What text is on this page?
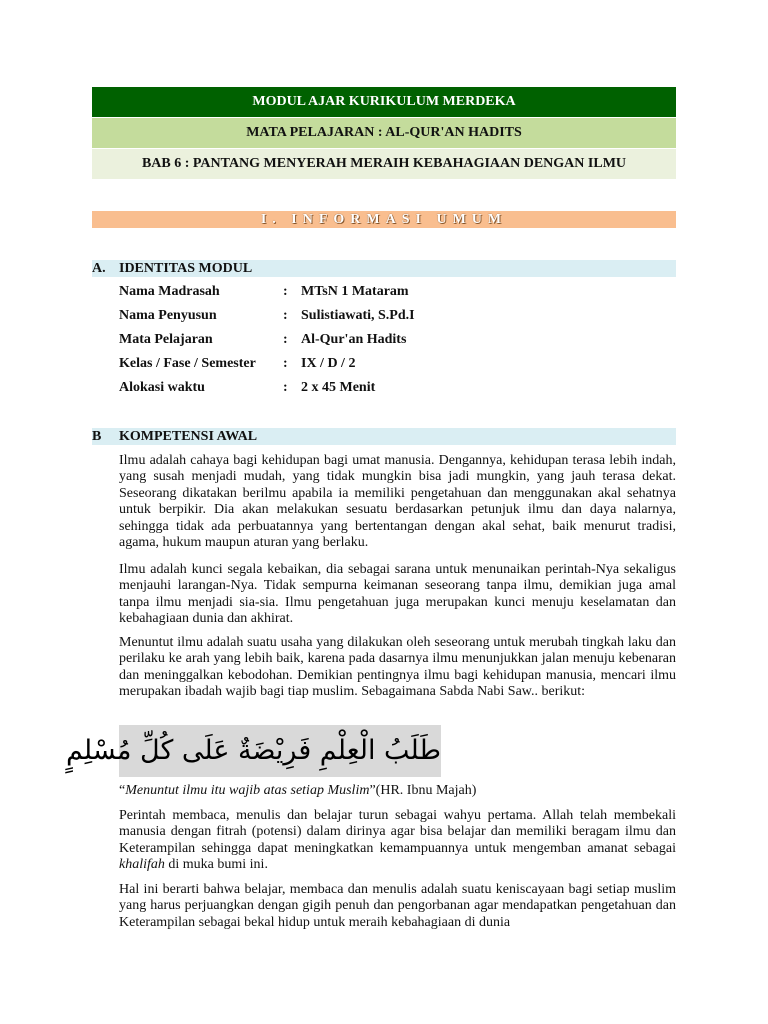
MODUL AJAR KURIKULUM MERDEKA
MATA PELAJARAN : AL-QUR'AN HADITS
BAB 6 : PANTANG MENYERAH MERAIH KEBAHAGIAAN DENGAN ILMU
I. INFORMASI UMUM
A. IDENTITAS MODUL
Nama Madrasah	: MTsN 1 Mataram
Nama Penyusun	: Sulistiawati, S.Pd.I
Mata Pelajaran	: Al-Qur'an Hadits
Kelas / Fase / Semester : IX / D / 2
Alokasi waktu	: 2 x 45 Menit
B KOMPETENSI AWAL

Ilmu adalah cahaya bagi kehidupan bagi umat manusia. Dengannya, kehidupan terasa lebih indah, yang susah menjadi mudah, yang tidak mungkin bisa jadi mungkin, yang jauh terasa dekat. Seseorang dikatakan berilmu apabila ia memiliki pengetahuan dan menggunakan akal sehatnya untuk berpikir. Dia akan melakukan sesuatu berdasarkan petunjuk ilmu dan daya nalarnya, sehingga tidak ada perbuatannya yang bertentangan dengan akal sehat, baik menurut tradisi, agama, hukum maupun aturan yang berlaku.

Ilmu adalah kunci segala kebaikan, dia sebagai sarana untuk menunaikan perintah-Nya sekaligus menjauhi larangan-Nya. Tidak sempurna keimanan seseorang tanpa ilmu, demikian juga amal tanpa ilmu menjadi sia-sia. Ilmu pengetahuan juga merupakan kunci menuju keselamatan dan kebahagiaan dunia dan akhirat.

Menuntut ilmu adalah suatu usaha yang dilakukan oleh seseorang untuk merubah tingkah laku dan perilaku ke arah yang lebih baik, karena pada dasarnya ilmu menunjukkan jalan menuju kebenaran dan meninggalkan kebodohan. Demikian pentingnya ilmu bagi kehidupan manusia, mencari ilmu merupakan ibadah wajib bagi tiap muslim. Sebagaimana Sabda Nabi Saw.. berikut:

طَلَبُ الْعِلْمِ فَرِيْضَةٌ عَلَى كُلِّ مُسْلِمٍ
“Menuntut ilmu itu wajib atas setiap Muslim”(HR. Ibnu Majah)

Perintah membaca, menulis dan belajar turun sebagai wahyu pertama. Allah telah membekali manusia dengan fitrah (potensi) dalam dirinya agar bisa belajar dan memiliki beragam ilmu dan Keterampilan sehingga dapat meningkatkan kemampuannya untuk mengemban amanat sebagai khalifah di muka bumi ini.

Hal ini berarti bahwa belajar, membaca dan menulis adalah suatu keniscayaan bagi setiap muslim yang harus perjuangkan dengan gigih penuh dan pengorbanan agar mendapatkan pengetahuan dan Keterampilan sebagai bekal hidup untuk meraih kebahagiaan di dunia
